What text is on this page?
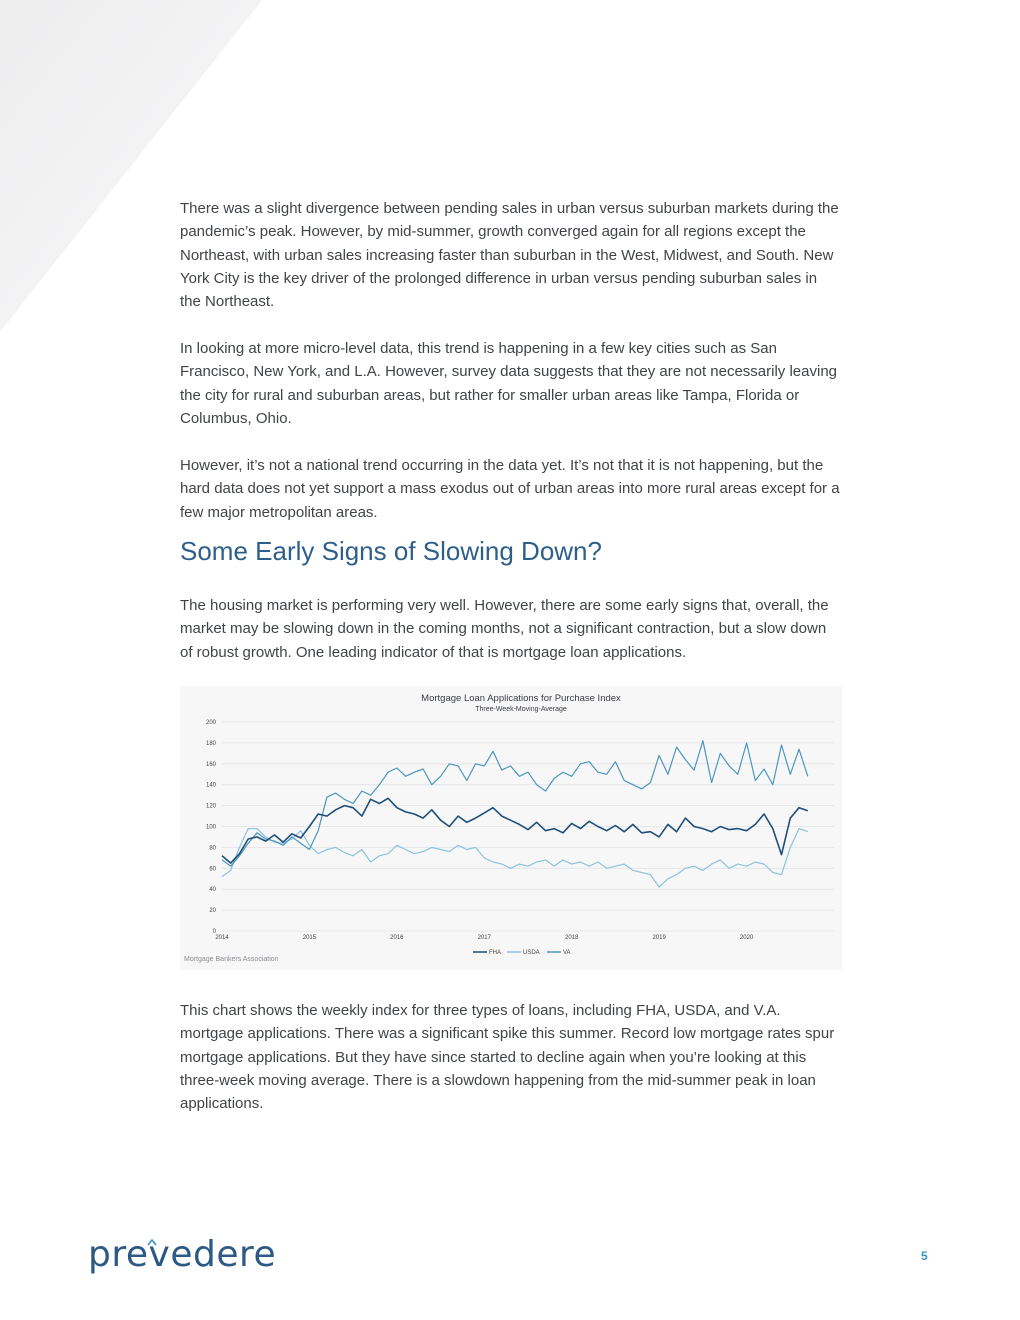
There was a slight divergence between pending sales in urban versus suburban markets during the pandemic’s peak. However, by mid-summer, growth converged again for all regions except the Northeast, with urban sales increasing faster than suburban in the West, Midwest, and South. New York City is the key driver of the prolonged difference in urban versus pending suburban sales in the Northeast.

In looking at more micro-level data, this trend is happening in a few key cities such as San Francisco, New York, and L.A. However, survey data suggests that they are not necessarily leaving the city for rural and suburban areas, but rather for smaller urban areas like Tampa, Florida or Columbus, Ohio.

However, it’s not a national trend occurring in the data yet. It’s not that it is not happening, but the hard data does not yet support a mass exodus out of urban areas into more rural areas except for a few major metropolitan areas.

Some Early Signs of Slowing Down?

The housing market is performing very well. However, there are some early signs that, overall, the market may be slowing down in the coming months, not a significant contraction, but a slow down of robust growth. One leading indicator of that is mortgage loan applications.

Mortgage Loan Applications for Purchase Index
Three-Week-Moving-Average
0
20
40
60
80
100
120
140
160
180
200
2014	2015	2016	2017	2018	2019	2020
FHA	USDA	VA
Mortgage Bankers Association

This chart shows the weekly index for three types of loans, including FHA, USDA, and V.A. mortgage applications. There was a significant spike this summer. Record low mortgage rates spur mortgage applications. But they have since started to decline again when you’re looking at this three-week moving average. There is a slowdown happening from the mid-summer peak in loan applications.

prevedere	5
